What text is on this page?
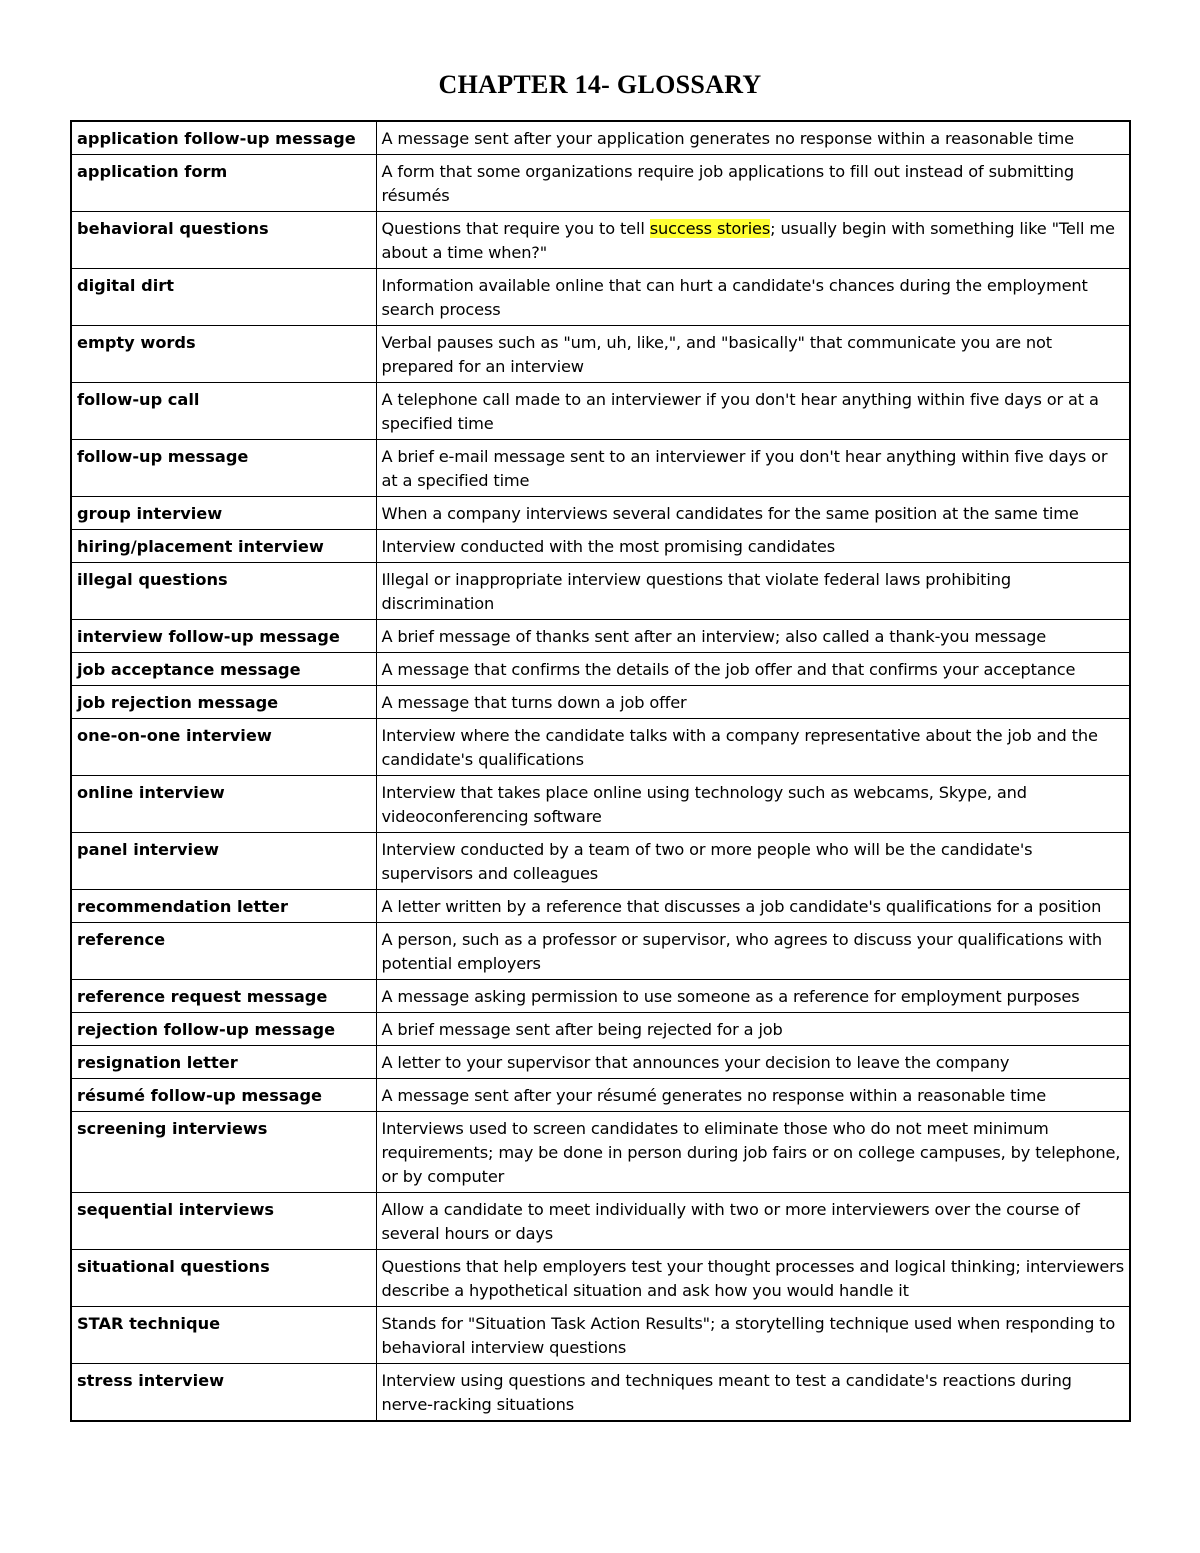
CHAPTER 14- GLOSSARY
application follow-up message	A message sent after your application generates no response within a reasonable time
application form	A form that some organizations require job applications to fill out instead of submitting résumés
behavioral questions	Questions that require you to tell success stories; usually begin with something like "Tell me about a time when?"
digital dirt	Information available online that can hurt a candidate's chances during the employment search process
empty words	Verbal pauses such as "um, uh, like,", and "basically" that communicate you are not prepared for an interview
follow-up call	A telephone call made to an interviewer if you don't hear anything within five days or at a specified time
follow-up message	A brief e-mail message sent to an interviewer if you don't hear anything within five days or at a specified time
group interview	When a company interviews several candidates for the same position at the same time
hiring/placement interview	Interview conducted with the most promising candidates
illegal questions	Illegal or inappropriate interview questions that violate federal laws prohibiting discrimination
interview follow-up message	A brief message of thanks sent after an interview; also called a thank-you message
job acceptance message	A message that confirms the details of the job offer and that confirms your acceptance
job rejection message	A message that turns down a job offer
one-on-one interview	Interview where the candidate talks with a company representative about the job and the candidate's qualifications
online interview	Interview that takes place online using technology such as webcams, Skype, and videoconferencing software
panel interview	Interview conducted by a team of two or more people who will be the candidate's supervisors and colleagues
recommendation letter	A letter written by a reference that discusses a job candidate's qualifications for a position
reference	A person, such as a professor or supervisor, who agrees to discuss your qualifications with potential employers
reference request message	A message asking permission to use someone as a reference for employment purposes
rejection follow-up message	A brief message sent after being rejected for a job
resignation letter	A letter to your supervisor that announces your decision to leave the company
résumé follow-up message	A message sent after your résumé generates no response within a reasonable time
screening interviews	Interviews used to screen candidates to eliminate those who do not meet minimum requirements; may be done in person during job fairs or on college campuses, by telephone, or by computer
sequential interviews	Allow a candidate to meet individually with two or more interviewers over the course of several hours or days
situational questions	Questions that help employers test your thought processes and logical thinking; interviewers describe a hypothetical situation and ask how you would handle it
STAR technique	Stands for "Situation Task Action Results"; a storytelling technique used when responding to behavioral interview questions
stress interview	Interview using questions and techniques meant to test a candidate's reactions during nerve-racking situations
